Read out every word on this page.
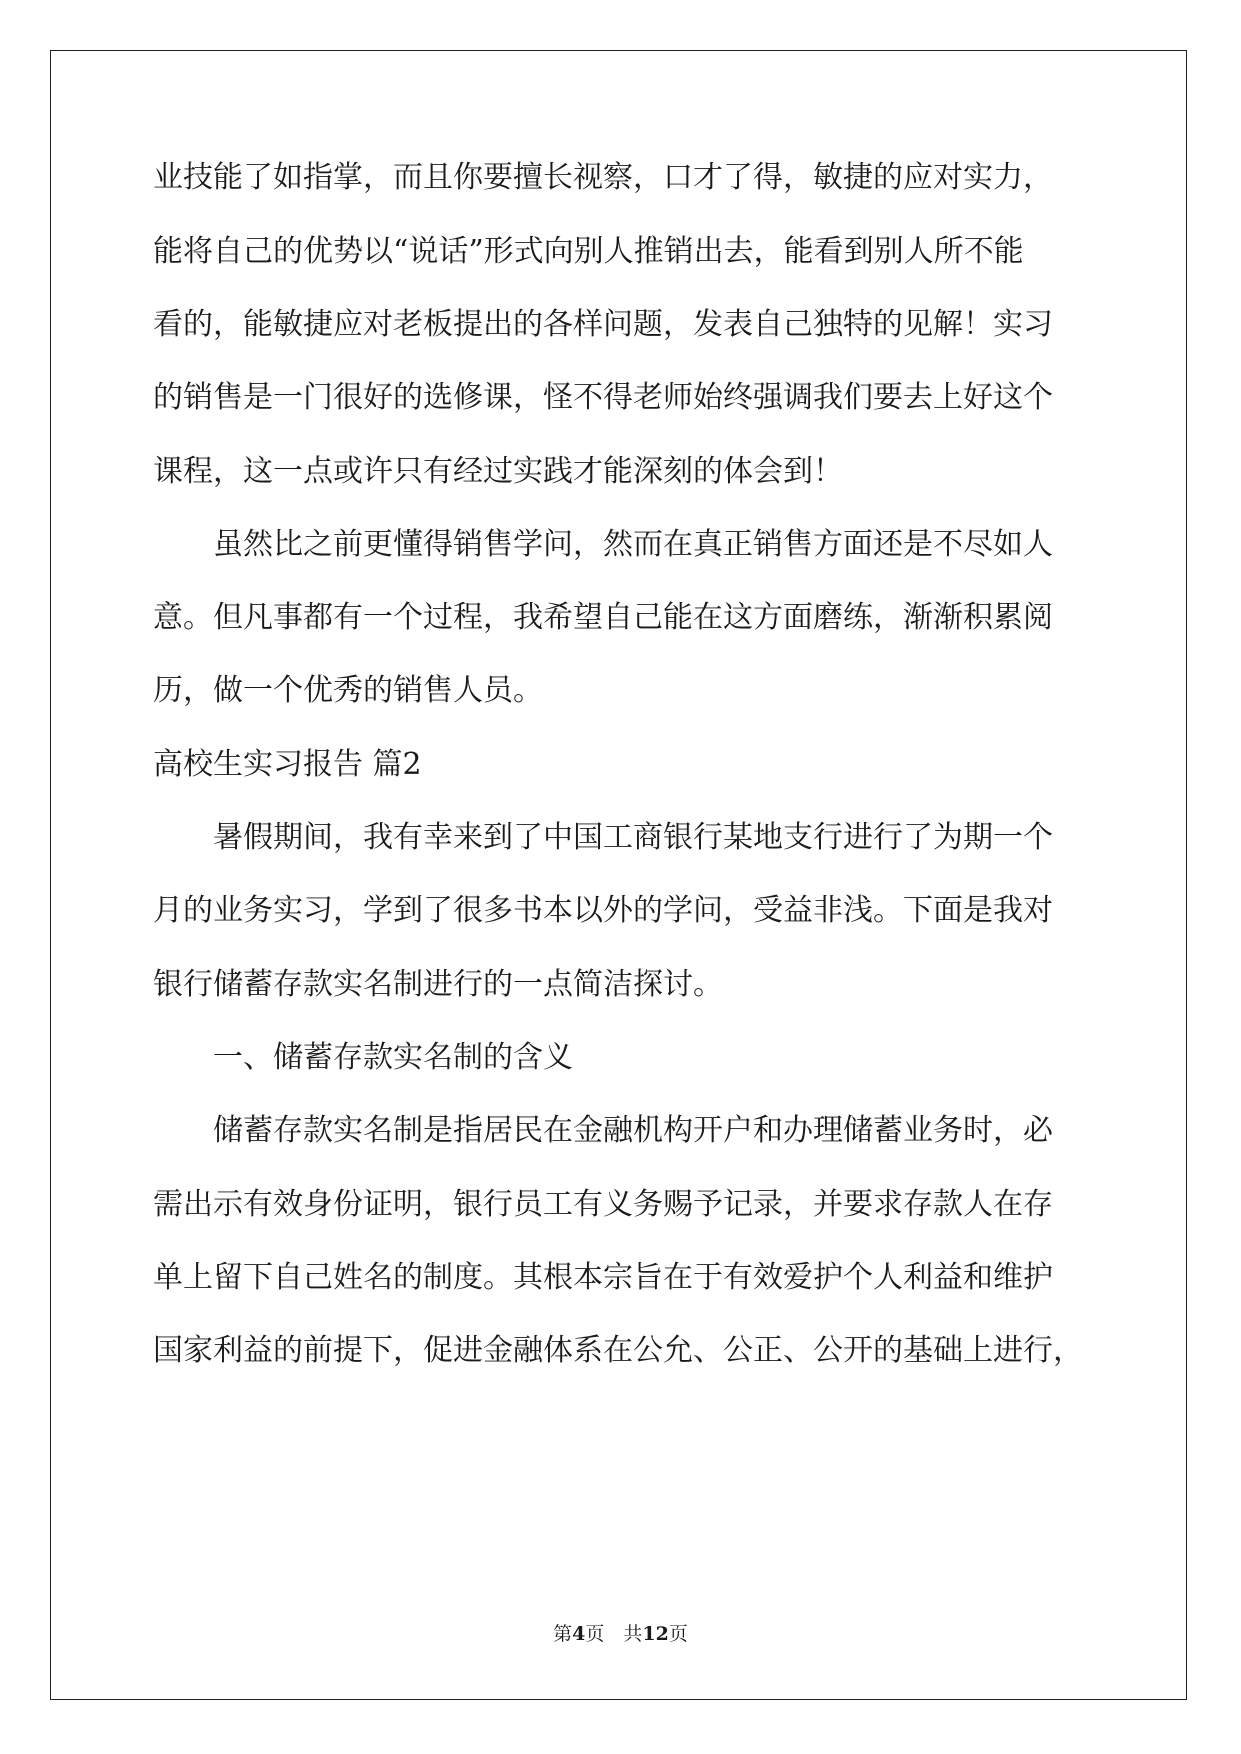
业技能了如指掌，而且你要擅长视察，口才了得，敏捷的应对实力，
能将自己的优势以“说话”形式向别人推销出去，能看到别人所不能
看的，能敏捷应对老板提出的各样问题，发表自己独特的见解！实习
的销售是一门很好的选修课，怪不得老师始终强调我们要去上好这个
课程，这一点或许只有经过实践才能深刻的体会到！
　　虽然比之前更懂得销售学问，然而在真正销售方面还是不尽如人
意。但凡事都有一个过程，我希望自己能在这方面磨练，渐渐积累阅
历，做一个优秀的销售人员。
高校生实习报告 篇2
　　暑假期间，我有幸来到了中国工商银行某地支行进行了为期一个
月的业务实习，学到了很多书本以外的学问，受益非浅。下面是我对
银行储蓄存款实名制进行的一点简洁探讨。
　　一、储蓄存款实名制的含义
　　储蓄存款实名制是指居民在金融机构开户和办理储蓄业务时，必
需出示有效身份证明，银行员工有义务赐予记录，并要求存款人在存
单上留下自己姓名的制度。其根本宗旨在于有效爱护个人利益和维护
国家利益的前提下，促进金融体系在公允、公正、公开的基础上进行，
第4页　共12页
